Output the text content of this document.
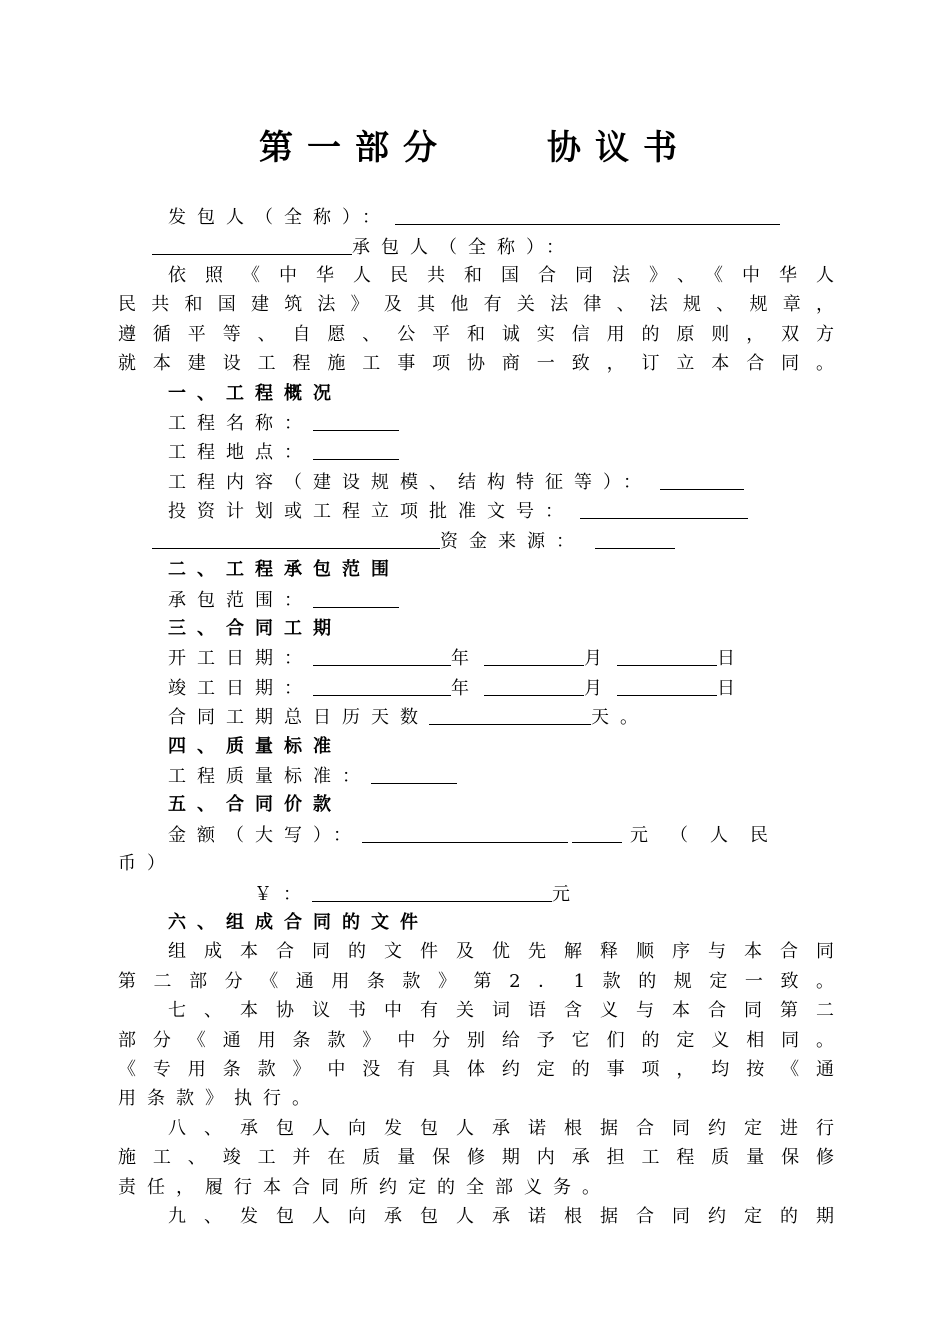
第一部分　　协议书
发包人（全称）：
承包人（全称）：
依照《中华人民共和国合同法》、《中华人
民共和国建筑法》及其他有关法律、法规、规章，
遵循平等、自愿、公平和诚实信用的原则，双方
就本建设工程施工事项协商一致，订立本合同。
一、工程概况
工程名称：
工程地点：
工程内容（建设规模、结构特征等）：
投资计划或工程立项批准文号：
资金来源：
二、工程承包范围
承包范围：
三、合同工期
开工日期：	年	月	日
竣工日期：	年	月	日
合同工期总日历天数	天。
四、质量标准
工程质量标准：
五、合同价款
金额（大写）：	元（人民
币）
￥：	元
六、组成合同的文件
组成本合同的文件及优先解释顺序与本合同
第二部分《通用条款》第2．1款的规定一致。
七、本协议书中有关词语含义与本合同第二
部分《通用条款》中分别给予它们的定义相同。
《专用条款》中没有具体约定的事项，均按《通
用条款》执行。
八、承包人向发包人承诺根据合同约定进行
施工、竣工并在质量保修期内承担工程质量保修
责任，履行本合同所约定的全部义务。
九、发包人向承包人承诺根据合同约定的期
